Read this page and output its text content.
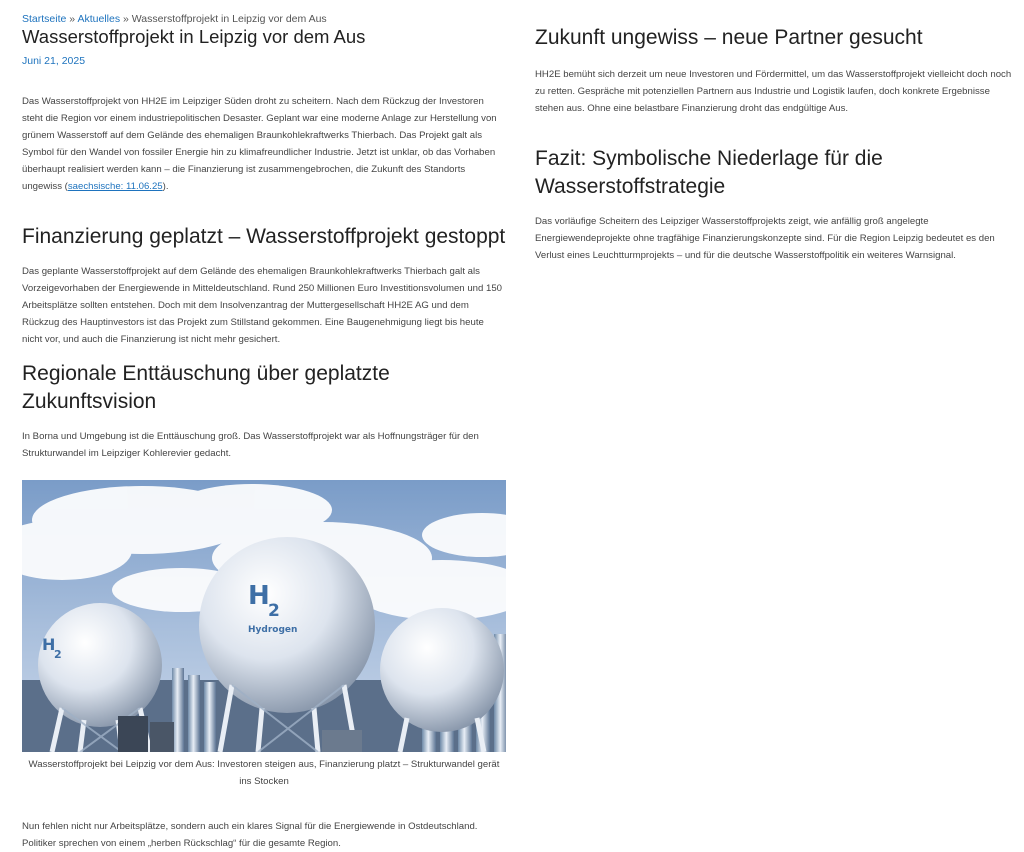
Startseite » Aktuelles » Wasserstoffprojekt in Leipzig vor dem Aus
Wasserstoffprojekt in Leipzig vor dem Aus
Juni 21, 2025

Das Wasserstoffprojekt von HH2E im Leipziger Süden droht zu scheitern. Nach dem Rückzug der Investoren steht die Region vor einem industriepolitischen Desaster. Geplant war eine moderne Anlage zur Herstellung von grünem Wasserstoff auf dem Gelände des ehemaligen Braunkohlekraftwerks Thierbach. Das Projekt galt als Symbol für den Wandel von fossiler Energie hin zu klimafreundlicher Industrie. Jetzt ist unklar, ob das Vorhaben überhaupt realisiert werden kann – die Finanzierung ist zusammengebrochen, die Zukunft des Standorts ungewiss (saechsische: 11.06.25).

Finanzierung geplatzt – Wasserstoffprojekt gestoppt

Das geplante Wasserstoffprojekt auf dem Gelände des ehemaligen Braunkohlekraftwerks Thierbach galt als Vorzeigevorhaben der Energiewende in Mitteldeutschland. Rund 250 Millionen Euro Investitionsvolumen und 150 Arbeitsplätze sollten entstehen. Doch mit dem Insolvenzantrag der Muttergesellschaft HH2E AG und dem Rückzug des Hauptinvestors ist das Projekt zum Stillstand gekommen. Eine Baugenehmigung liegt bis heute nicht vor, und auch die Finanzierung ist nicht mehr gesichert.

Regionale Enttäuschung über geplatzte Zukunftsvision

In Borna und Umgebung ist die Enttäuschung groß. Das Wasserstoffprojekt war als Hoffnungsträger für den Strukturwandel im Leipziger Kohlerevier gedacht.

H
2
Hydrogen
H
2
Wasserstoffprojekt bei Leipzig vor dem Aus: Investoren steigen aus, Finanzierung platzt – Strukturwandel gerät ins Stocken

Nun fehlen nicht nur Arbeitsplätze, sondern auch ein klares Signal für die Energiewende in Ostdeutschland. Politiker sprechen von einem „herben Rückschlag“ für die gesamte Region.

Zukunft ungewiss – neue Partner gesucht

HH2E bemüht sich derzeit um neue Investoren und Fördermittel, um das Wasserstoffprojekt vielleicht doch noch zu retten. Gespräche mit potenziellen Partnern aus Industrie und Logistik laufen, doch konkrete Ergebnisse stehen aus. Ohne eine belastbare Finanzierung droht das endgültige Aus.

Fazit: Symbolische Niederlage für die Wasserstoffstrategie

Das vorläufige Scheitern des Leipziger Wasserstoffprojekts zeigt, wie anfällig groß angelegte Energiewendeprojekte ohne tragfähige Finanzierungskonzepte sind. Für die Region Leipzig bedeutet es den Verlust eines Leuchtturmprojekts – und für die deutsche Wasserstoffpolitik ein weiteres Warnsignal.
